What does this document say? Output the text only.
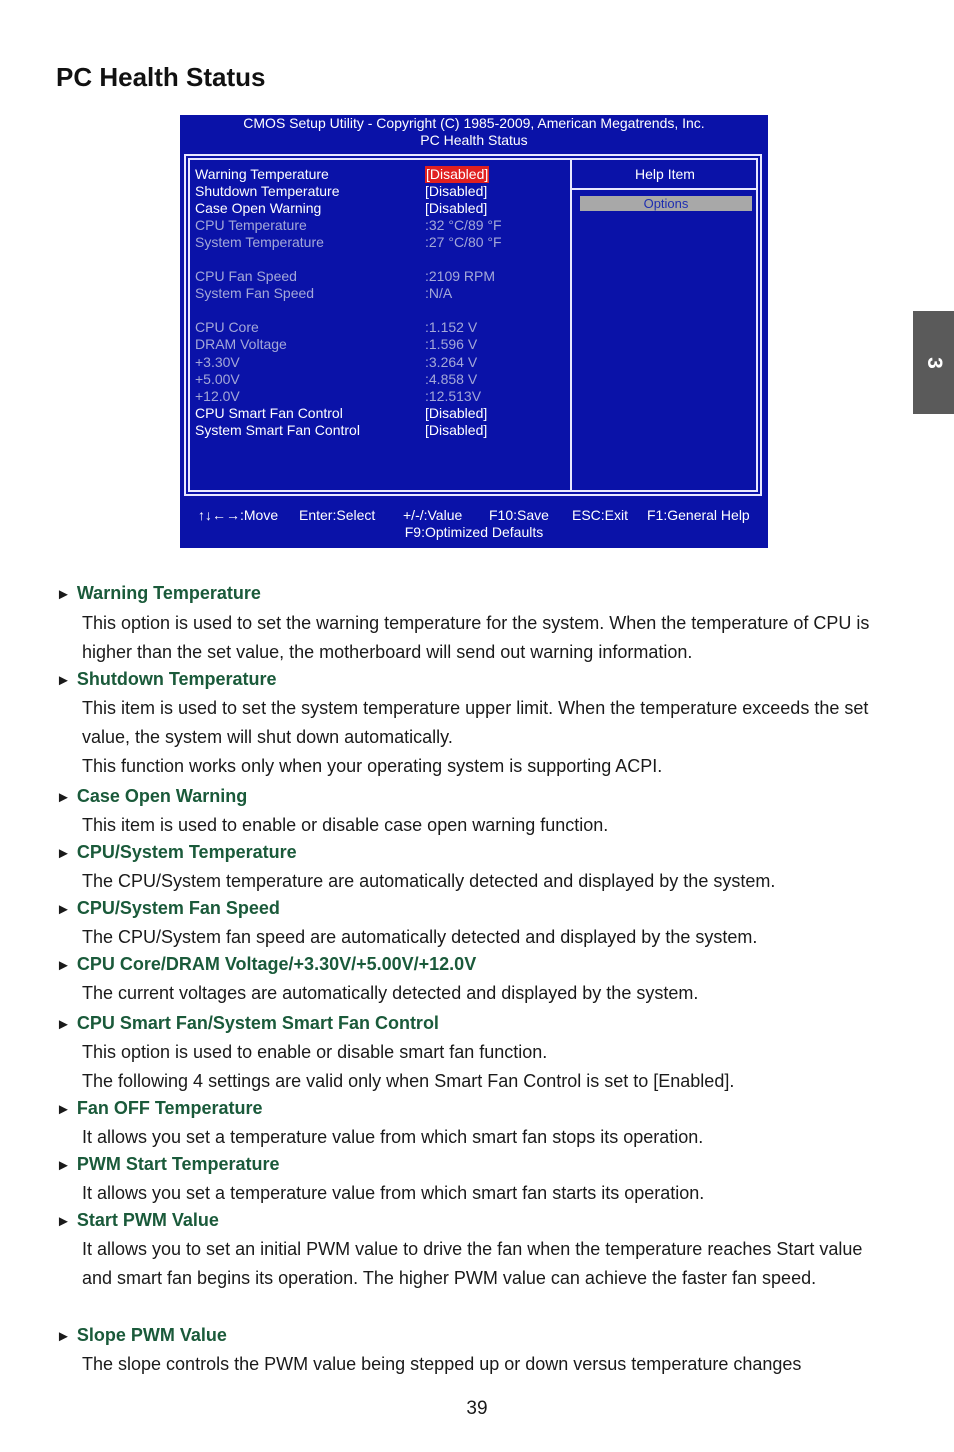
PC Health Status
3
CMOS Setup Utility - Copyright (C) 1985-2009, American Megatrends, Inc.
PC Health Status
Warning Temperature	[Disabled]
Shutdown Temperature	[Disabled]
Case Open Warning	[Disabled]
CPU Temperature	:32 °C/89 °F
System Temperature	:27 °C/80 °F
CPU Fan Speed	:2109 RPM
System Fan Speed	:N/A
CPU Core	:1.152 V
DRAM Voltage	:1.596 V
+3.30V	:3.264 V
+5.00V	:4.858 V
+12.0V	:12.513V
CPU Smart Fan Control	[Disabled]
System Smart Fan Control	[Disabled]
Help Item
Options
↑↓←→:Move Enter:Select +/-/:Value F10:Save ESC:Exit F1:General Help
F9:Optimized Defaults
► Warning Temperature

This option is used to set the warning temperature for the system. When the temperature of CPU is higher than the set value, the motherboard will send out warning information.

► Shutdown Temperature

This item is used to set the system temperature upper limit. When the temperature exceeds the set value, the system will shut down automatically.

This function works only when your operating system is supporting ACPI.

► Case Open Warning

This item is used to enable or disable case open warning function.

► CPU/System Temperature

The CPU/System temperature are automatically detected and displayed by the system.

► CPU/System Fan Speed

The CPU/System fan speed are automatically detected and displayed by the system.

► CPU Core/DRAM Voltage/+3.30V/+5.00V/+12.0V

The current voltages are automatically detected and displayed by the system.

► CPU Smart Fan/System Smart Fan Control

This option is used to enable or disable smart fan function.

The following 4 settings are valid only when Smart Fan Control is set to [Enabled].

► Fan OFF Temperature

It allows you set a temperature value from which smart fan stops its operation.

► PWM Start Temperature

It allows you set a temperature value from which smart fan starts its operation.

► Start PWM Value

It allows you to set an initial PWM value to drive the fan when the temperature reaches Start value and smart fan begins its operation. The higher PWM value can achieve the faster fan speed.

► Slope PWM Value

The slope controls the PWM value being stepped up or down versus temperature changes

39
